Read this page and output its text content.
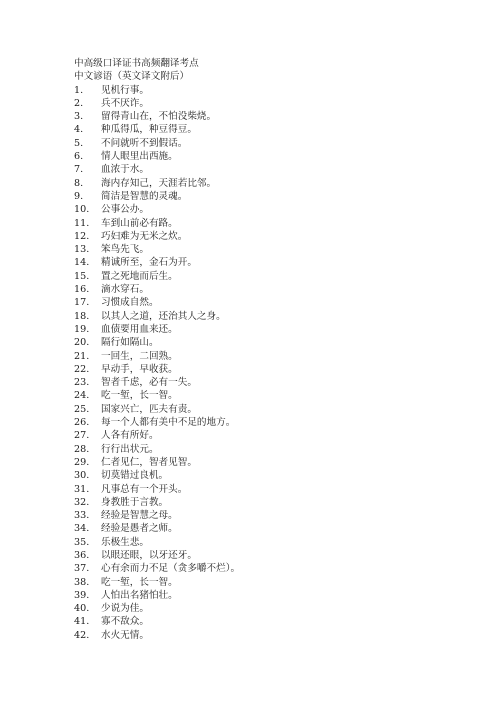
中高级口译证书高频翻译考点
中文谚语（英文译文附后）
1. 见机行事。
2. 兵不厌诈。
3. 留得青山在，不怕没柴烧。
4. 种瓜得瓜，种豆得豆。
5. 不问就听不到假话。
6. 情人眼里出西施。
7. 血浓于水。
8. 海内存知己，天涯若比邻。
9. 简洁是智慧的灵魂。
10. 公事公办。
11. 车到山前必有路。
12. 巧妇难为无米之炊。
13. 笨鸟先飞。
14. 精诚所至，金石为开。
15. 置之死地而后生。
16. 滴水穿石。
17. 习惯成自然。
18. 以其人之道，还治其人之身。
19. 血债要用血来还。
20. 隔行如隔山。
21. 一回生，二回熟。
22. 早动手，早收获。
23. 智者千虑，必有一失。
24. 吃一堑，长一智。
25. 国家兴亡，匹夫有责。
26. 每一个人都有美中不足的地方。
27. 人各有所好。
28. 行行出状元。
29. 仁者见仁，智者见智。
30. 切莫错过良机。
31. 凡事总有一个开头。
32. 身教胜于言教。
33. 经验是智慧之母。
34. 经验是愚者之师。
35. 乐极生悲。
36. 以眼还眼，以牙还牙。
37. 心有余而力不足（贪多嚼不烂）。
38. 吃一堑，长一智。
39. 人怕出名猪怕壮。
40. 少说为佳。
41. 寡不敌众。
42. 水火无情。
